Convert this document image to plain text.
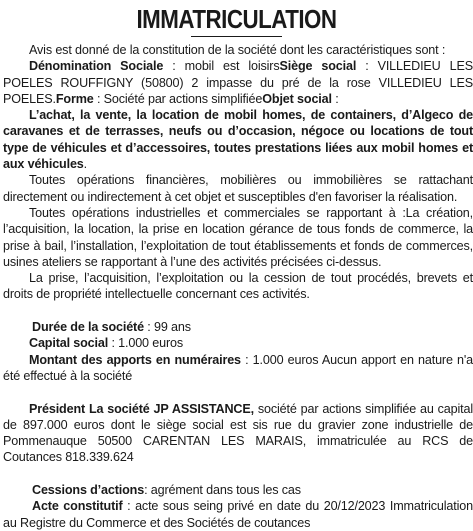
IMMATRICULATION

Avis est donné de la constitution de la société dont les caractéristiques sont :

Dénomination Sociale : mobil est loisirsSiège social : VILLEDIEU LES POELES ROUFFIGNY (50800) 2 impasse du pré de la rose VILLEDIEU LES POELES.Forme : Société par actions simplifiéeObjet social :

L’achat, la vente, la location de mobil homes, de containers, d’Algeco de caravanes et de terrasses, neufs ou d’occasion, négoce ou locations de tout type de véhicules et d’accessoires, toutes prestations liées aux mobil homes et aux véhicules.

Toutes opérations financières, mobilières ou immobilières se rattachant directement ou indirectement à cet objet et susceptibles d'en favoriser la réalisation.

Toutes opérations industrielles et commerciales se rapportant à :La création, l’acquisition, la location, la prise en location gérance de tous fonds de commerce, la prise à bail, l’installation, l’exploitation de tout établissements et fonds de commerces, usines ateliers se rapportant à l’une des activités précisées ci-dessus.

La prise, l’acquisition, l’exploitation ou la cession de tout procédés, brevets et droits de propriété intellectuelle concernant ces activités.

Durée de la société : 99 ans

Capital social : 1.000 euros

Montant des apports en numéraires : 1.000 euros Aucun apport en nature n'a été effectué à la société

Président La société JP ASSISTANCE, société par actions simplifiée au capital de 897.000 euros dont le siège social est sis rue du gravier zone industrielle de Pommenauque 50500 CARENTAN LES MARAIS, immatriculée au RCS de Coutances 818.339.624

Cessions d’actions: agrément dans tous les cas

Acte constitutif : acte sous seing privé en date du 20/12/2023 Immatriculation au Registre du Commerce et des Sociétés de coutances
